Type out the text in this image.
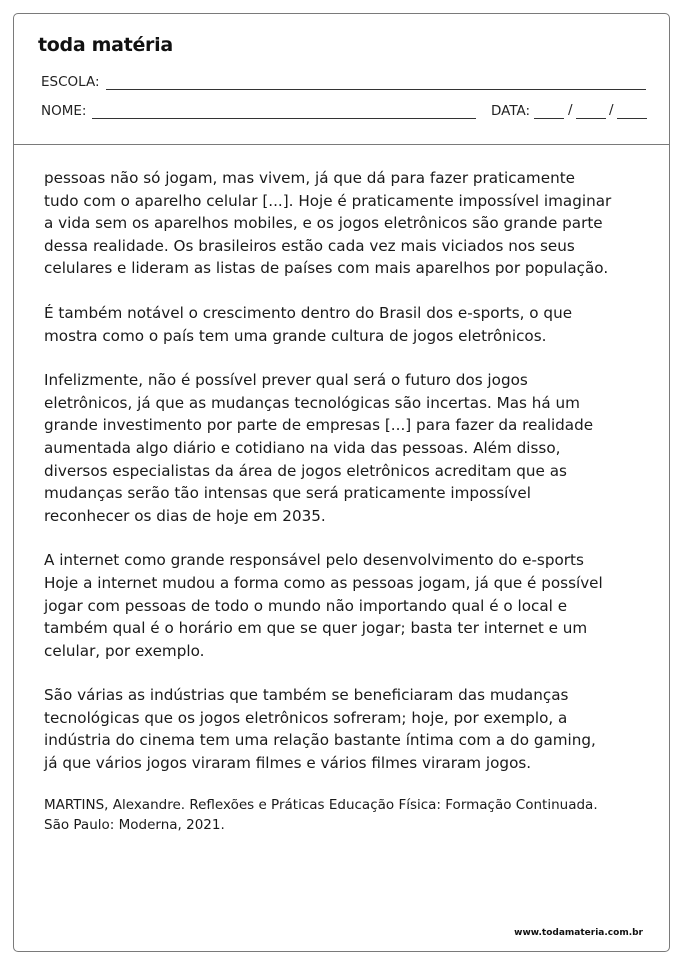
toda matéria
ESCOLA:
NOME:	DATA:	/	/
www.todamateria.com.br

pessoas não só jogam, mas vivem, já que dá para fazer praticamente tudo com o aparelho celular [...]. Hoje é praticamente impossível imaginar a vida sem os aparelhos mobiles, e os jogos eletrônicos são grande parte dessa realidade. Os brasileiros estão cada vez mais viciados nos seus celulares e lideram as listas de países com mais aparelhos por população.

É também notável o crescimento dentro do Brasil dos e-sports, o que mostra como o país tem uma grande cultura de jogos eletrônicos.

Infelizmente, não é possível prever qual será o futuro dos jogos eletrônicos, já que as mudanças tecnológicas são incertas. Mas há um grande investimento por parte de empresas [...] para fazer da realidade aumentada algo diário e cotidiano na vida das pessoas. Além disso, diversos especialistas da área de jogos eletrônicos acreditam que as mudanças serão tão intensas que será praticamente impossível reconhecer os dias de hoje em 2035.

A internet como grande responsável pelo desenvolvimento do e-sports Hoje a internet mudou a forma como as pessoas jogam, já que é possível jogar com pessoas de todo o mundo não importando qual é o local e também qual é o horário em que se quer jogar; basta ter internet e um celular, por exemplo.

São várias as indústrias que também se beneficiaram das mudanças tecnológicas que os jogos eletrônicos sofreram; hoje, por exemplo, a indústria do cinema tem uma relação bastante íntima com a do gaming, já que vários jogos viraram filmes e vários filmes viraram jogos.

MARTINS, Alexandre. Reflexões e Práticas Educação Física: Formação Continuada.
São Paulo: Moderna, 2021.
